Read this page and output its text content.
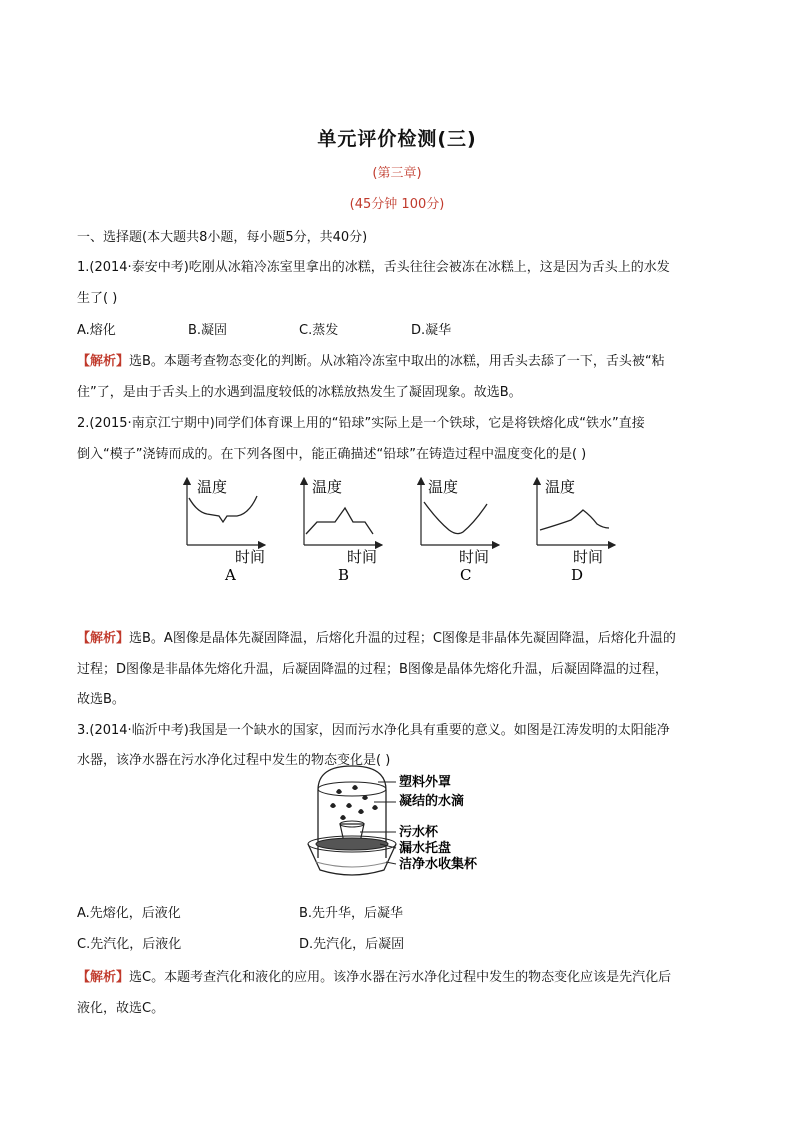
单元评价检测(三)
(第三章)
(45分钟 100分)
一、选择题(本大题共8小题，每小题5分，共40分)
1.(2014·泰安中考)吃刚从冰箱冷冻室里拿出的冰糕，舌头往往会被冻在冰糕上，这是因为舌头上的水发
生了( )
A.熔化	B.凝固	C.蒸发	D.凝华
【解析】选B。本题考查物态变化的判断。从冰箱冷冻室中取出的冰糕，用舌头去舔了一下，舌头被“粘
住”了，是由于舌头上的水遇到温度较低的冰糕放热发生了凝固现象。故选B。
2.(2015·南京江宁期中)同学们体育课上用的“铅球”实际上是一个铁球，它是将铁熔化成“铁水”直接
倒入“模子”浇铸而成的。在下列各图中，能正确描述“铅球”在铸造过程中温度变化的是( )
温度
时间
A
温度
时间
B
温度
时间
C
温度
时间
D
【解析】选B。A图像是晶体先凝固降温，后熔化升温的过程；C图像是非晶体先凝固降温，后熔化升温的
过程；D图像是非晶体先熔化升温，后凝固降温的过程；B图像是晶体先熔化升温，后凝固降温的过程，
故选B。
3.(2014·临沂中考)我国是一个缺水的国家，因而污水净化具有重要的意义。如图是江涛发明的太阳能净
水器，该净水器在污水净化过程中发生的物态变化是( )
塑料外罩
凝结的水滴
污水杯
漏水托盘
洁净水收集杯
A.先熔化，后液化	B.先升华，后凝华
C.先汽化，后液化	D.先汽化，后凝固
【解析】选C。本题考查汽化和液化的应用。该净水器在污水净化过程中发生的物态变化应该是先汽化后
液化，故选C。
